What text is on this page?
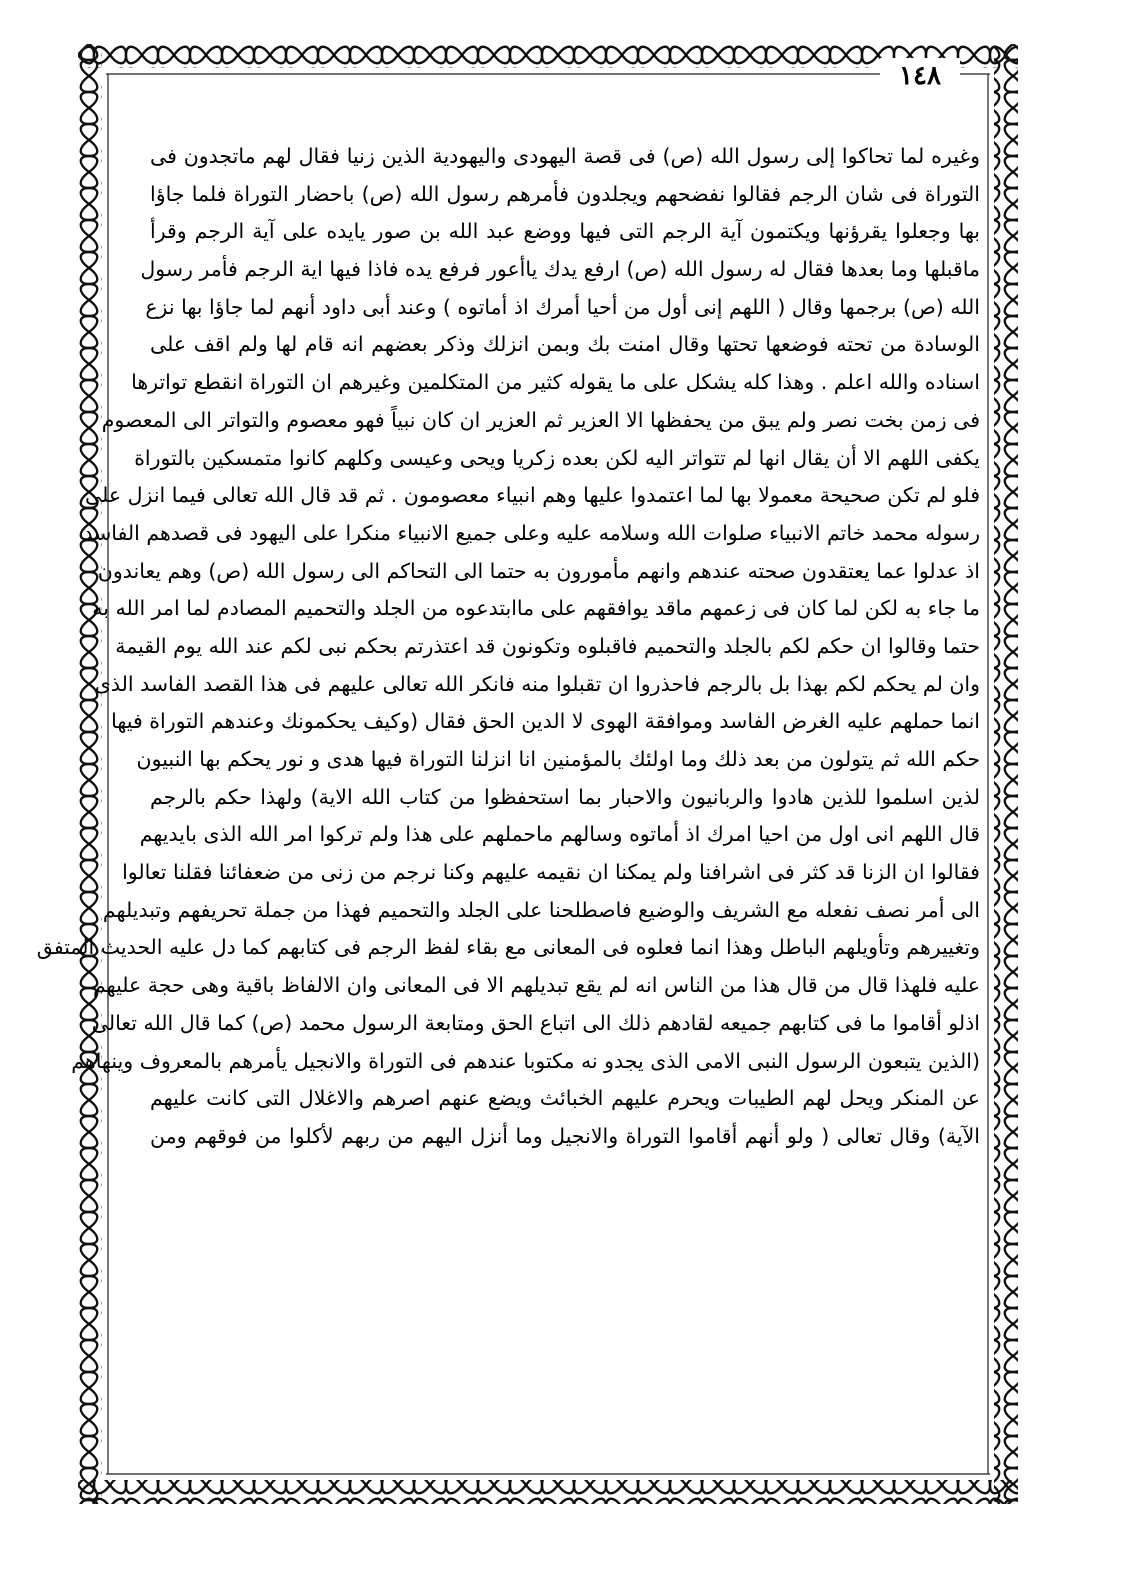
١٤٨
وغيره لما تحاكوا إلى رسول الله (ص) فى قصة اليهودى واليهودية الذين زنيا فقال لهم ماتجدون فى
التوراة فى شان الرجم فقالوا نفضحهم ويجلدون فأمرهم رسول الله (ص) باحضار التوراة فلما جاؤا
بها وجعلوا يقرؤنها ويكتمون آية الرجم التى فيها ووضع عبد الله بن صور يايده على آية الرجم وقرأ
ماقبلها وما بعدها فقال له رسول الله (ص) ارفع يدك ياأعور فرفع يده فاذا فيها اية الرجم فأمر رسول
الله (ص) برجمها وقال ( اللهم إنى أول من أحيا أمرك اذ أماتوه ) وعند أبى داود أنهم لما جاؤا بها نزع
الوسادة من تحته فوضعها تحتها وقال امنت بك وبمن انزلك وذكر بعضهم انه قام لها ولم اقف على
اسناده والله اعلم . وهذا كله يشكل على ما يقوله كثير من المتكلمين وغيرهم ان التوراة انقطع تواترها
فى زمن بخت نصر ولم يبق من يحفظها الا العزير ثم العزير ان كان نبياً فهو معصوم والتواتر الى المعصوم
يكفى اللهم الا أن يقال انها لم تتواتر اليه لكن بعده زكريا ويحى وعيسى وكلهم كانوا متمسكين بالتوراة
فلو لم تكن صحيحة معمولا بها لما اعتمدوا عليها وهم انبياء معصومون . ثم قد قال الله تعالى فيما انزل على
رسوله محمد خاتم الانبياء صلوات الله وسلامه عليه وعلى جميع الانبياء منكرا على اليهود فى قصدهم الفاسد
اذ عدلوا عما يعتقدون صحته عندهم وانهم مأمورون به حتما الى التحاكم الى رسول الله (ص) وهم يعاندون
ما جاء به لكن لما كان فى زعمهم ماقد يوافقهم على ماابتدعوه من الجلد والتحميم المصادم لما امر الله به
حتما وقالوا ان حكم لكم بالجلد والتحميم فاقبلوه وتكونون قد اعتذرتم بحكم نبى لكم عند الله يوم القيمة
وان لم يحكم لكم بهذا بل بالرجم فاحذروا ان تقبلوا منه فانكر الله تعالى عليهم فى هذا القصد الفاسد الذى
انما حملهم عليه الغرض الفاسد وموافقة الهوى لا الدين الحق فقال (وكيف يحكمونك وعندهم التوراة فيها
حكم الله ثم يتولون من بعد ذلك وما اولئك بالمؤمنين انا انزلنا التوراة فيها هدى و نور يحكم بها النبيون
لذين اسلموا للذين هادوا والربانيون والاحبار بما استحفظوا من كتاب الله الاية) ولهذا حكم بالرجم
قال اللهم انى اول من احيا امرك اذ أماتوه وسالهم ماحملهم على هذا ولم تركوا امر الله الذى بايديهم
فقالوا ان الزنا قد كثر فى اشرافنا ولم يمكنا ان نقيمه عليهم وكنا نرجم من زنى من ضعفائنا فقلنا تعالوا
الى أمر نصف نفعله مع الشريف والوضيع فاصطلحنا على الجلد والتحميم فهذا من جملة تحريفهم وتبديلهم
وتغييرهم وتأويلهم الباطل وهذا انما فعلوه فى المعانى مع بقاء لفظ الرجم فى كتابهم كما دل عليه الحديث المتفق
عليه فلهذا قال من قال هذا من الناس انه لم يقع تبديلهم الا فى المعانى وان الالفاظ باقية وهى حجة عليهم
اذلو أقاموا ما فى كتابهم جميعه لقادهم ذلك الى اتباع الحق ومتابعة الرسول محمد (ص) كما قال الله تعالى
(الذين يتبعون الرسول النبى الامى الذى يجدو نه مكتوبا عندهم فى التوراة والانجيل يأمرهم بالمعروف وينهاهم
عن المنكر ويحل لهم الطيبات ويحرم عليهم الخبائث ويضع عنهم اصرهم والاغلال التى كانت عليهم
الآية) وقال تعالى ( ولو أنهم أقاموا التوراة والانجيل وما أنزل اليهم من ربهم لأكلوا من فوقهم ومن
